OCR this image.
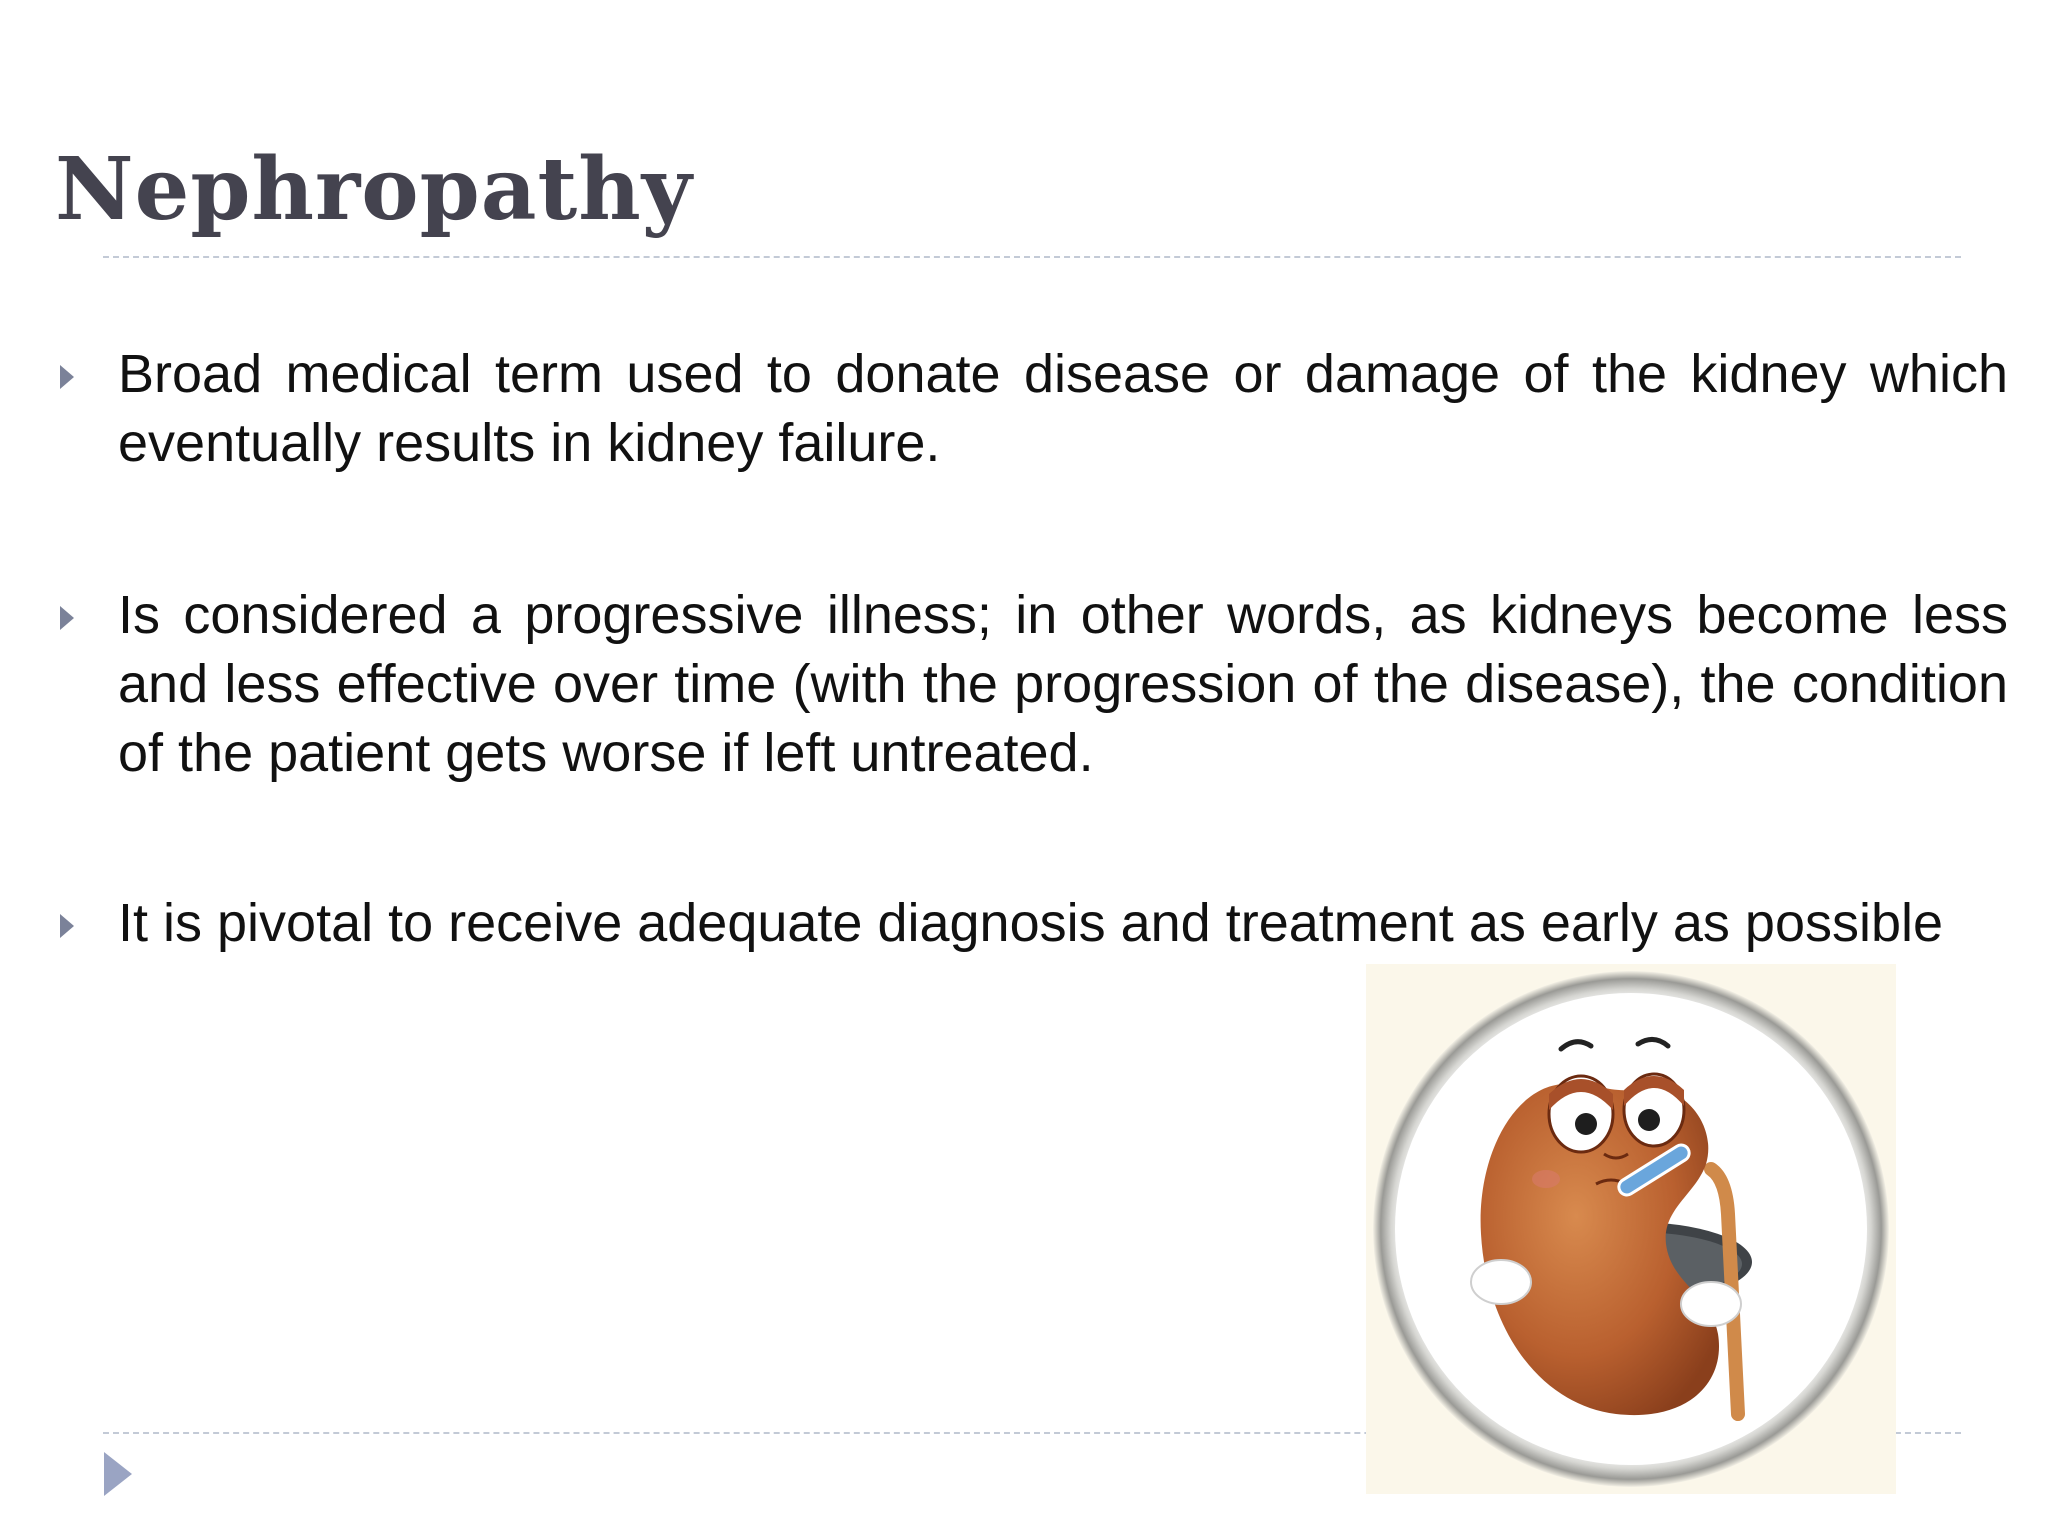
Nephropathy
Broad medical term used to donate disease or damage of the kidney which eventually results in kidney failure.
Is considered a progressive illness; in other words, as kidneys become less and less effective over time (with the progression of the disease), the condition of the patient gets worse if left untreated.
It is pivotal to receive adequate diagnosis and treatment as early as possible
